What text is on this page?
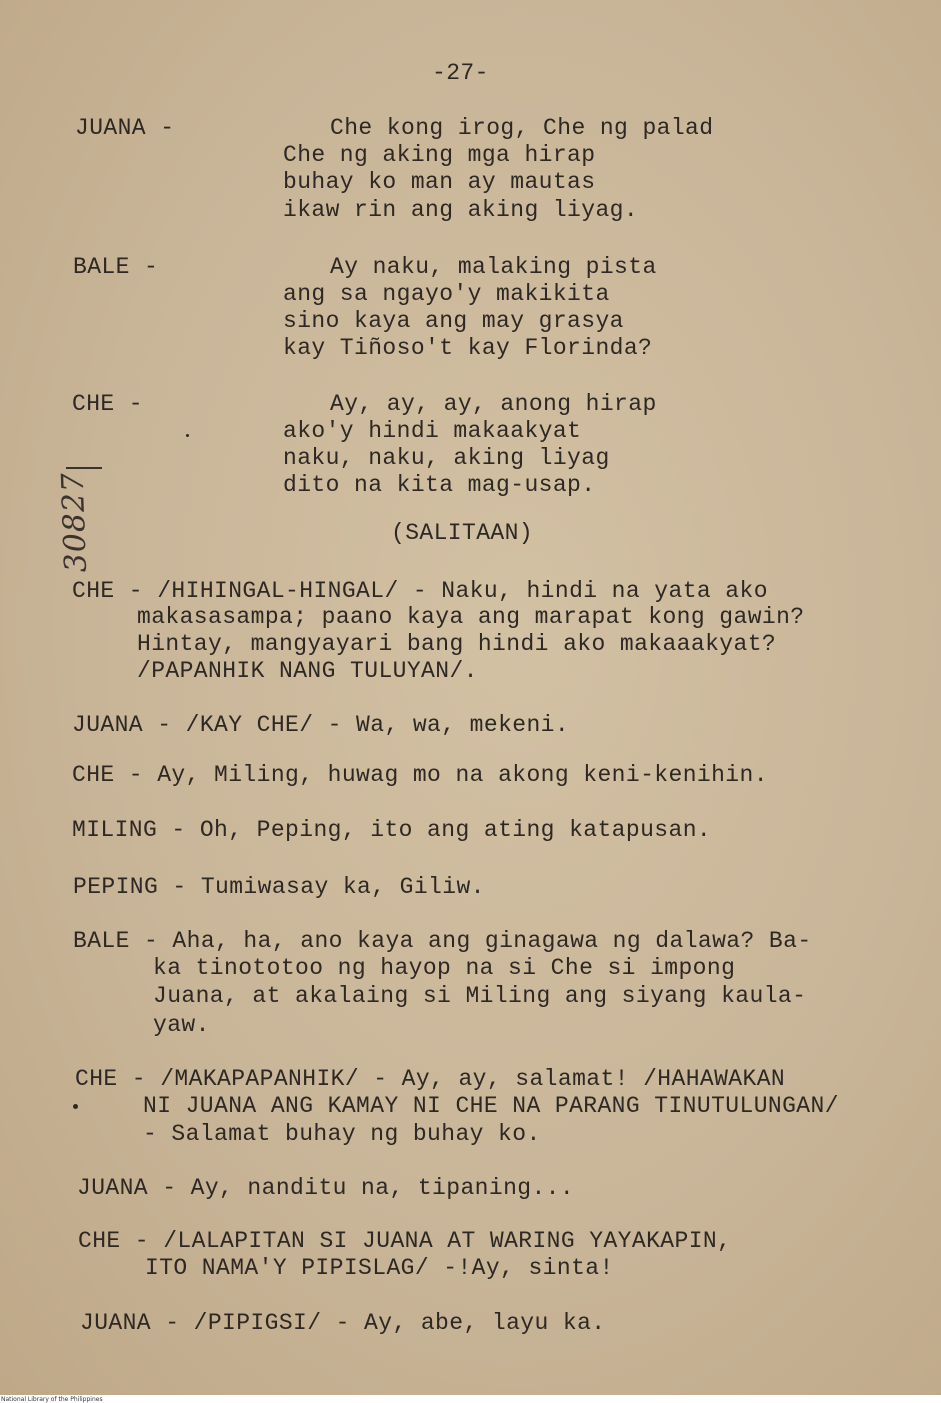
-27-
JUANA -	Che kong irog, Che ng palad
Che ng aking mga hirap
buhay ko man ay mautas
ikaw rin ang aking liyag.
BALE -	Ay naku, malaking pista
ang sa ngayo'y makikita
sino kaya ang may grasya
kay Tiñoso't kay Florinda?
CHE -	Ay, ay, ay, anong hirap
ako'y hindi makaakyat
naku, naku, aking liyag
dito na kita mag-usap.
30827	(SALITAAN)
CHE - /HIHINGAL-HINGAL/ - Naku, hindi na yata ako
makasasampa; paano kaya ang marapat kong gawin?
Hintay, mangyayari bang hindi ako makaaakyat?
/PAPANHIK NANG TULUYAN/.
JUANA - /KAY CHE/ - Wa, wa, mekeni.
CHE - Ay, Miling, huwag mo na akong keni-kenihin.
MILING - Oh, Peping, ito ang ating katapusan.
PEPING - Tumiwasay ka, Giliw.
BALE - Aha, ha, ano kaya ang ginagawa ng dalawa? Ba-
ka tinototoo ng hayop na si Che si impong
Juana, at akalaing si Miling ang siyang kaula-
yaw.
CHE - /MAKAPAPANHIK/ - Ay, ay, salamat! /HAHAWAKAN
NI JUANA ANG KAMAY NI CHE NA PARANG TINUTULUNGAN/
- Salamat buhay ng buhay ko.
JUANA - Ay, nanditu na, tipaning...
CHE - /LALAPITAN SI JUANA AT WARING YAYAKAPIN,
ITO NAMA'Y PIPISLAG/ -!Ay, sinta!
JUANA - /PIPIGSI/ - Ay, abe, layu ka.
National Library of the Philippines
